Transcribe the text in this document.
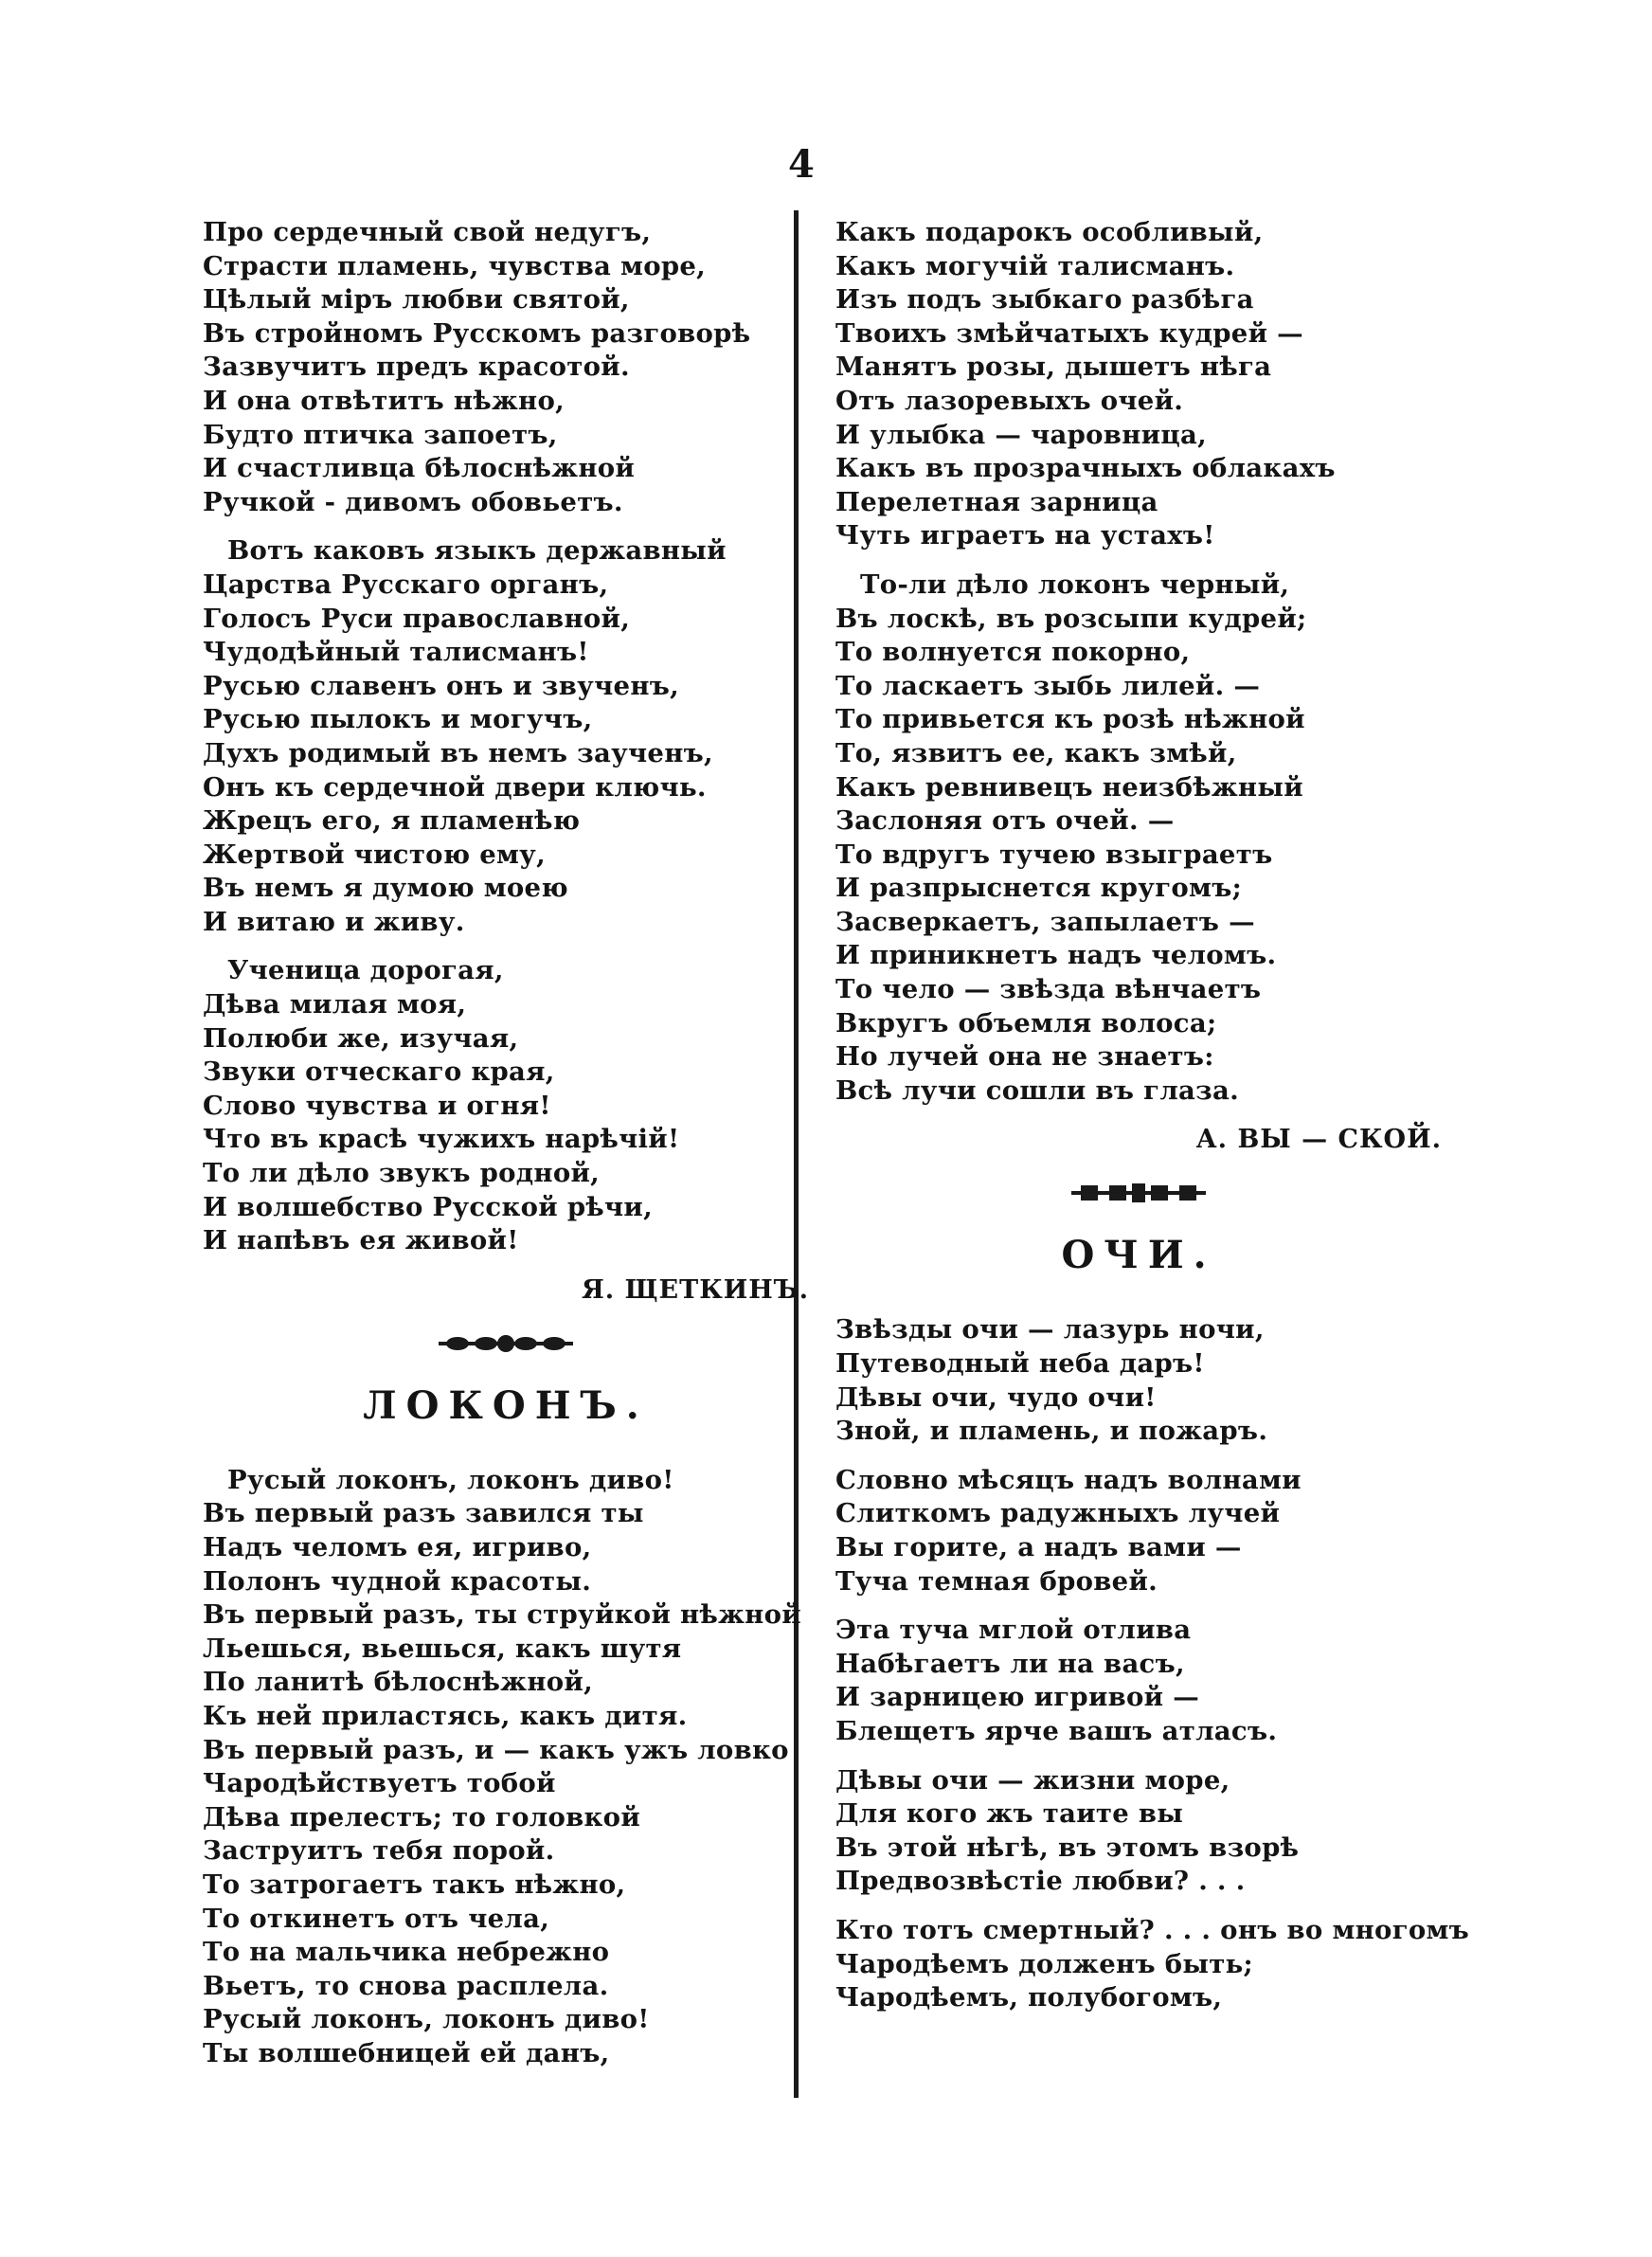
4
Про сердечный свой недугъ,
Страсти пламень, чувства море,
Цѣлый міръ любви святой,
Въ стройномъ Русскомъ разговорѣ
Зазвучитъ предъ красотой.
И она отвѣтитъ нѣжно,
Будто птичка запоетъ,
И счастливца бѣлоснѣжной
Ручкой - дивомъ обовьетъ.
Вотъ каковъ языкъ державный
Царства Русскаго органъ,
Голосъ Руси православной,
Чудодѣйный талисманъ!
Русью славенъ онъ и звученъ,
Русью пылокъ и могучъ,
Духъ родимый въ немъ заученъ,
Онъ къ сердечной двери ключь.
Жрецъ его, я пламенѣю
Жертвой чистою ему,
Въ немъ я думою моею
И витаю и живу.
Ученица дорогая,
Дѣва милая моя,
Полюби же, изучая,
Звуки отческаго края,
Слово чувства и огня!
Что въ красѣ чужихъ нарѣчій!
То ли дѣло звукъ родной,
И волшебство Русской рѣчи,
И напѣвъ ея живой!
Я. ЩЕТКИНЪ.
ЛОКОНЪ.
Русый локонъ, локонъ диво!
Въ первый разъ завился ты
Надъ челомъ ея, игриво,
Полонъ чудной красоты.
Въ первый разъ, ты струйкой нѣжной
Льешься, вьешься, какъ шутя
По ланитѣ бѣлоснѣжной,
Къ ней приластясь, какъ дитя.
Въ первый разъ, и — какъ ужъ ловко
Чародѣйствуетъ тобой
Дѣва прелестъ; то головкой
Заструитъ тебя порой.
То затрогаетъ такъ нѣжно,
То откинетъ отъ чела,
То на мальчика небрежно
Вьетъ, то снова расплела.
Русый локонъ, локонъ диво!
Ты волшебницей ей данъ,
Какъ подарокъ особливый,
Какъ могучій талисманъ.
Изъ подъ зыбкаго разбѣга
Твоихъ змѣйчатыхъ кудрей —
Манятъ розы, дышетъ нѣга
Отъ лазоревыхъ очей.
И улыбка — чаровница,
Какъ въ прозрачныхъ облакахъ
Перелетная зарница
Чуть играетъ на устахъ!
То-ли дѣло локонъ черный,
Въ лоскѣ, въ розсыпи кудрей;
То волнуется покорно,
То ласкаетъ зыбь лилей. —
То привьется къ розѣ нѣжной
То, язвитъ ее, какъ змѣй,
Какъ ревнивецъ неизбѣжный
Заслоняя отъ очей. —
То вдругъ тучею взыграетъ
И разпрыснется кругомъ;
Засверкаетъ, запылаетъ —
И приникнетъ надъ челомъ.
То чело — звѣзда вѣнчаетъ
Вкругъ объемля волоса;
Но лучей она не знаетъ:
Всѣ лучи сошли въ глаза.
А. ВЫ — СКОЙ.
ОЧИ.
Звѣзды очи — лазурь ночи,
Путеводный неба даръ!
Дѣвы очи, чудо очи!
Зной, и пламень, и пожаръ.
Словно мѣсяцъ надъ волнами
Слиткомъ радужныхъ лучей
Вы горите, а надъ вами —
Туча темная бровей.
Эта туча мглой отлива
Набѣгаетъ ли на васъ,
И зарницею игривой —
Блещетъ ярче вашъ атласъ.
Дѣвы очи — жизни море,
Для кого жъ таите вы
Въ этой нѣгѣ, въ этомъ взорѣ
Предвозвѣстіе любви? . . .
Кто тотъ смертный? . . . онъ во многомъ
Чародѣемъ долженъ быть;
Чародѣемъ, полубогомъ,
